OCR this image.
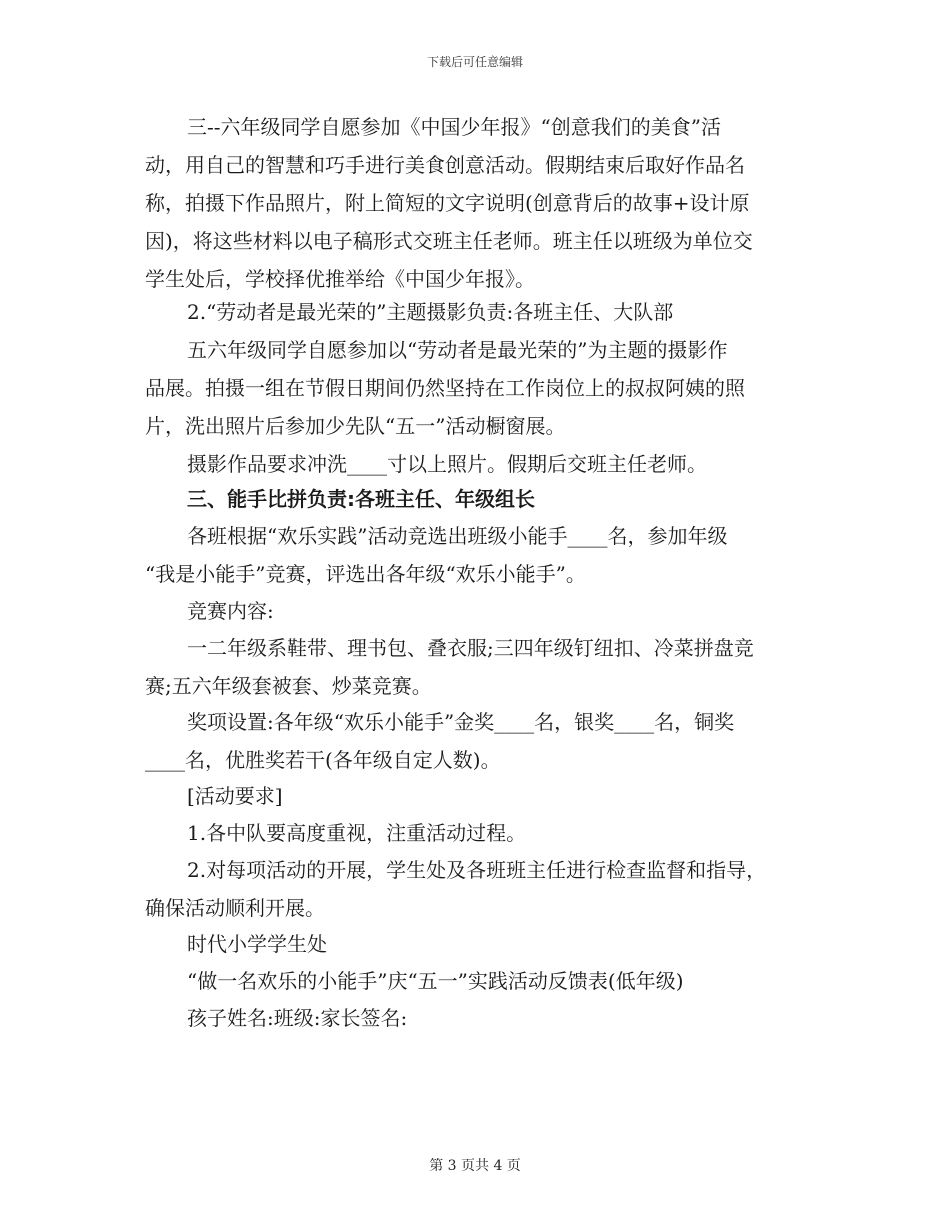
下载后可任意编辑
三--六年级同学自愿参加《中国少年报》“创意我们的美食”活
动，用自己的智慧和巧手进行美食创意活动。假期结束后取好作品名
称，拍摄下作品照片，附上简短的文字说明(创意背后的故事+设计原
因)，将这些材料以电子稿形式交班主任老师。班主任以班级为单位交
学生处后，学校择优推举给《中国少年报》。
2.“劳动者是最光荣的”主题摄影负责:各班主任、大队部
五六年级同学自愿参加以“劳动者是最光荣的”为主题的摄影作
品展。拍摄一组在节假日期间仍然坚持在工作岗位上的叔叔阿姨的照
片，洗出照片后参加少先队“五一”活动橱窗展。
摄影作品要求冲洗____寸以上照片。假期后交班主任老师。
三、能手比拼负责:各班主任、年级组长
各班根据“欢乐实践”活动竞选出班级小能手____名，参加年级
“我是小能手”竞赛，评选出各年级“欢乐小能手”。
竞赛内容:
一二年级系鞋带、理书包、叠衣服;三四年级钉纽扣、冷菜拼盘竞
赛;五六年级套被套、炒菜竞赛。
奖项设置:各年级“欢乐小能手”金奖____名，银奖____名，铜奖
____名，优胜奖若干(各年级自定人数)。
[活动要求]
1.各中队要高度重视，注重活动过程。
2.对每项活动的开展，学生处及各班班主任进行检查监督和指导，
确保活动顺利开展。
时代小学学生处
“做一名欢乐的小能手”庆“五一”实践活动反馈表(低年级)
孩子姓名:班级:家长签名:
第 3 页共 4 页
